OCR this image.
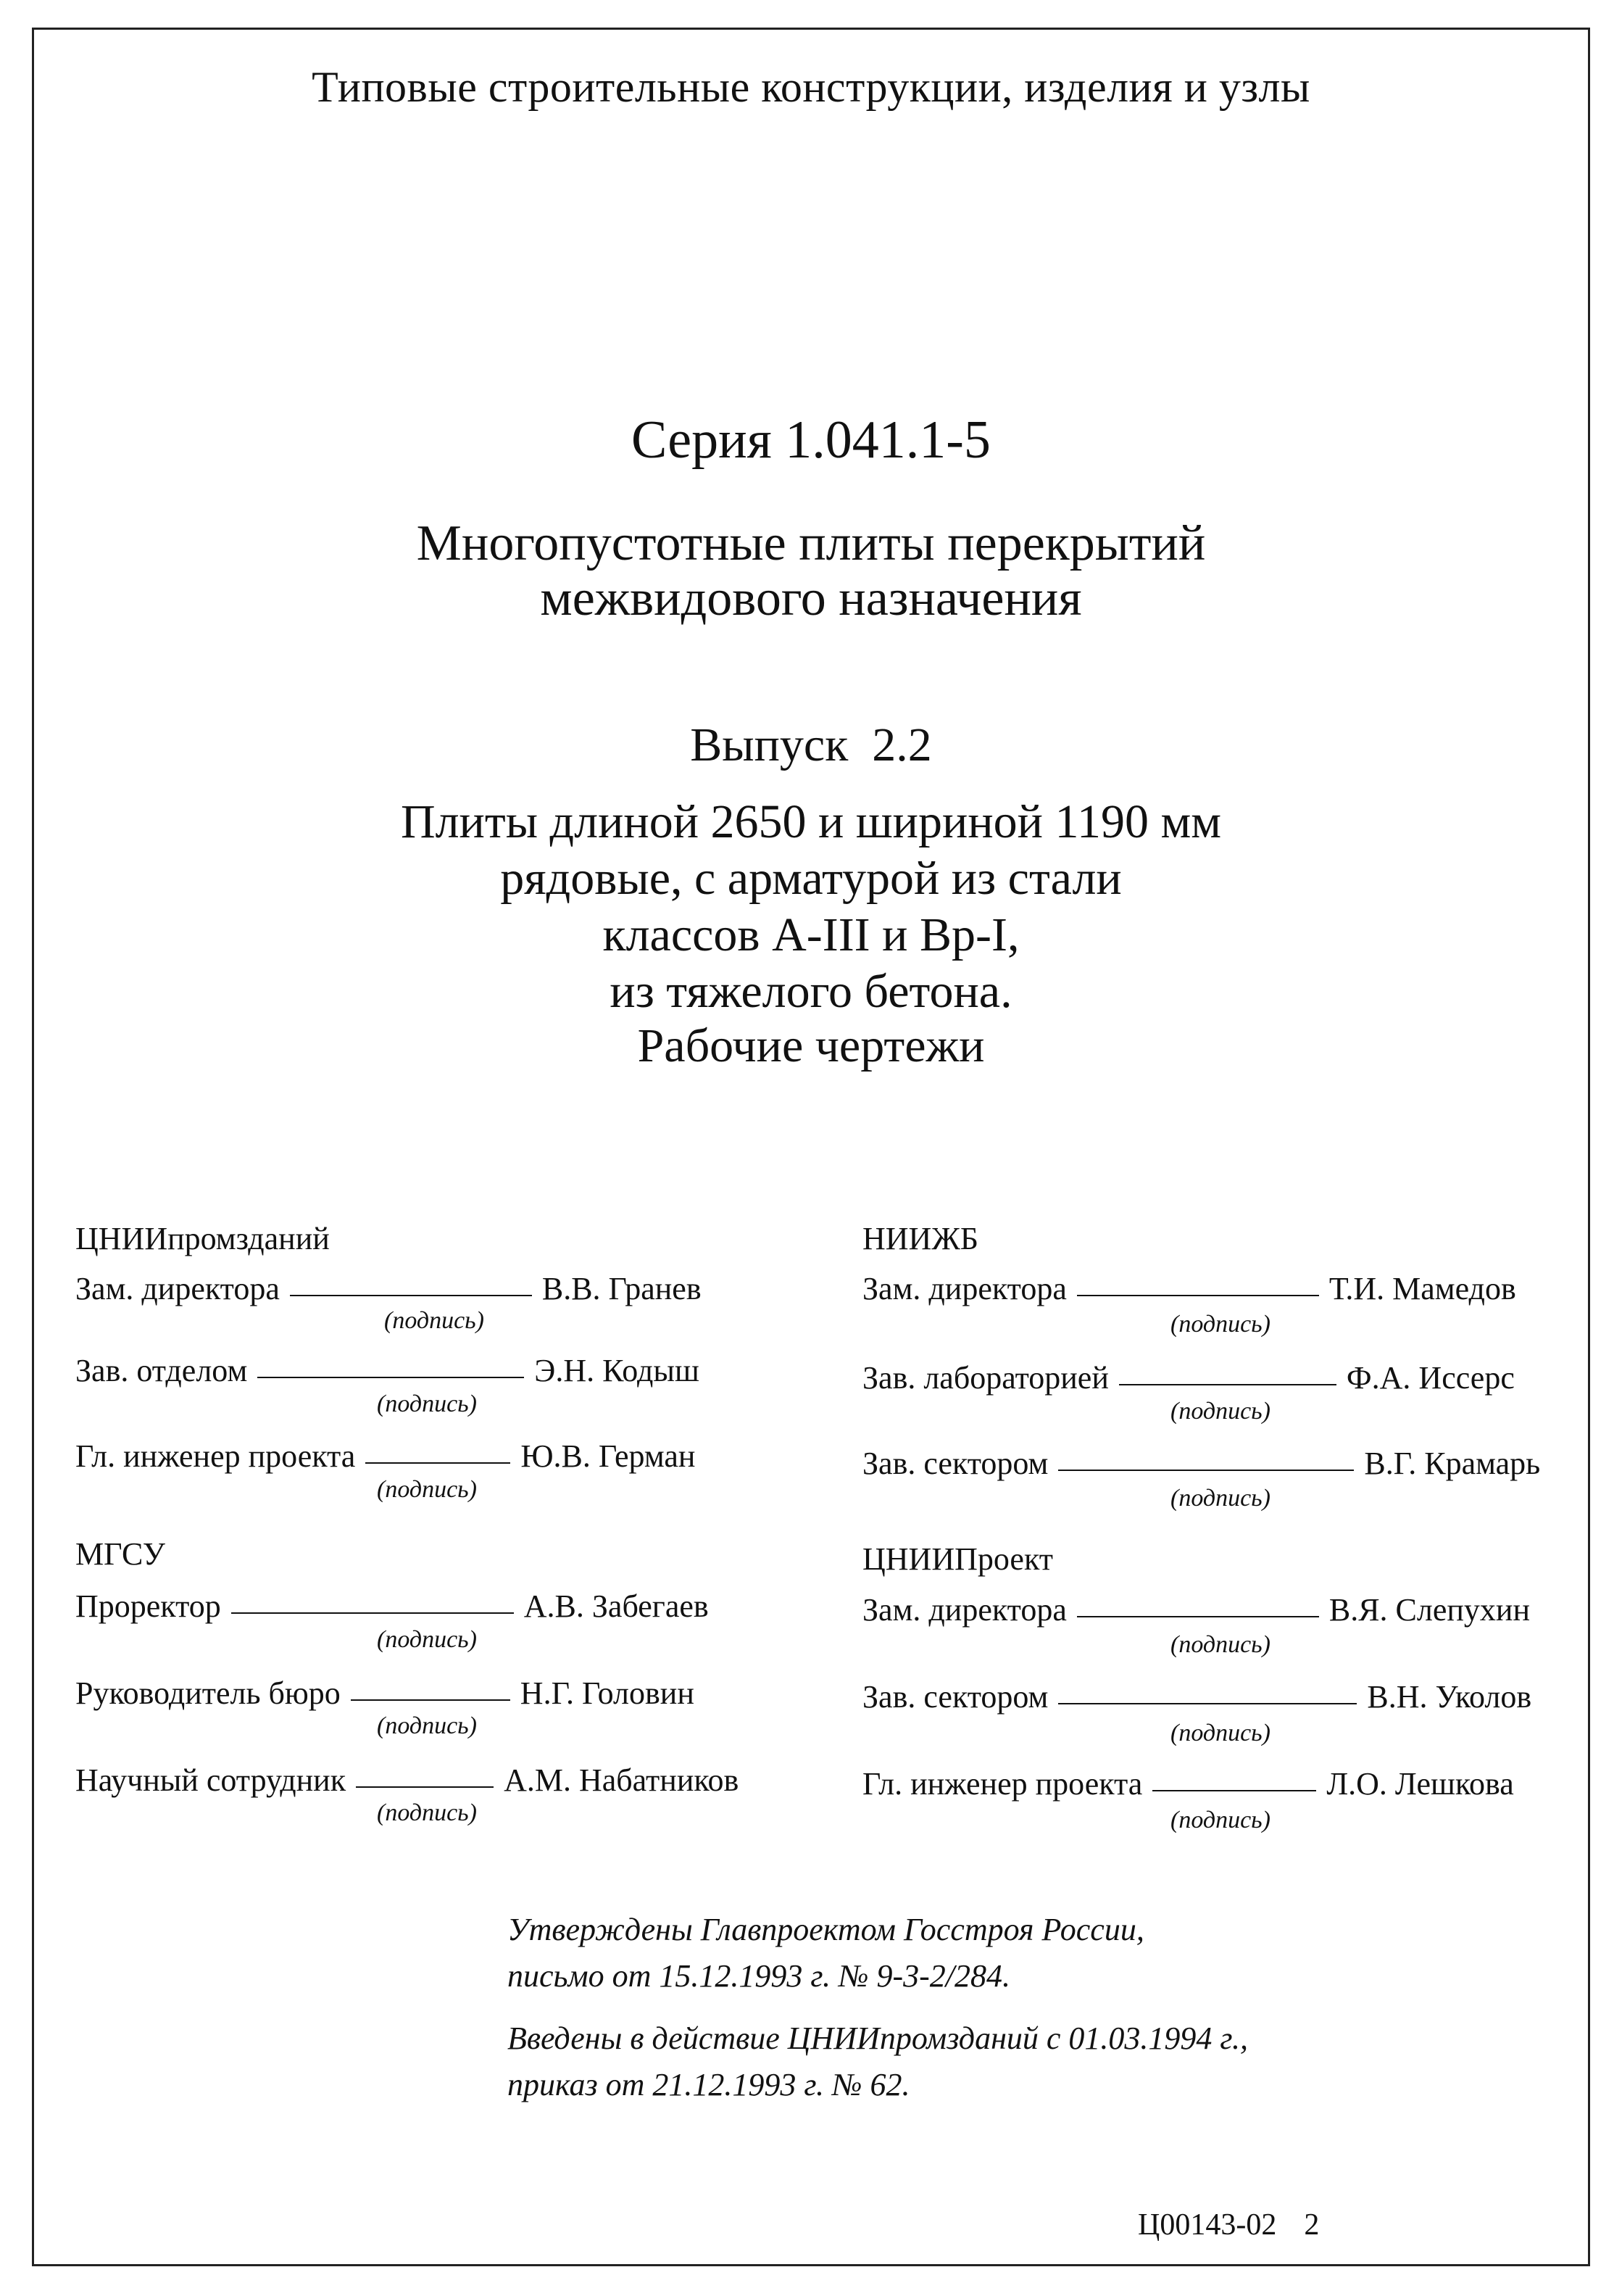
Типовые строительные конструкции, изделия и узлы
Серия 1.041.1-5
Многопустотные плиты перекрытий
межвидового назначения
Выпуск  2.2
Плиты длиной 2650 и шириной 1190 мм
рядовые, с арматурой из стали
классов А-III и Вр-I,
из тяжелого бетона.
Рабочие чертежи
ЦНИИпромзданий
Зам. директора	В.В. Гранев
(подпись)
Зав. отделом	Э.Н. Кодыш
(подпись)
Гл. инженер проекта	Ю.В. Герман
(подпись)
МГСУ
Проректор	А.В. Забегаев
(подпись)
Руководитель бюро	Н.Г. Головин
(подпись)
Научный сотрудник	А.М. Набатников
(подпись)
НИИЖБ
Зам. директора	Т.И. Мамедов
(подпись)
Зав. лабораторией	Ф.А. Иссерс
(подпись)
Зав. сектором	В.Г. Крамарь
(подпись)
ЦНИИПроект
Зам. директора	В.Я. Слепухин
(подпись)
Зав. сектором	В.Н. Уколов
(подпись)
Гл. инженер проекта	Л.О. Лешкова
(подпись)

Утверждены Главпроектом Госстроя России,

письмо от 15.12.1993 г. № 9-3-2/284.

Введены в действие ЦНИИпромзданий с 01.03.1994 г.,

приказ от 21.12.1993 г. № 62.

Ц00143-02 2
